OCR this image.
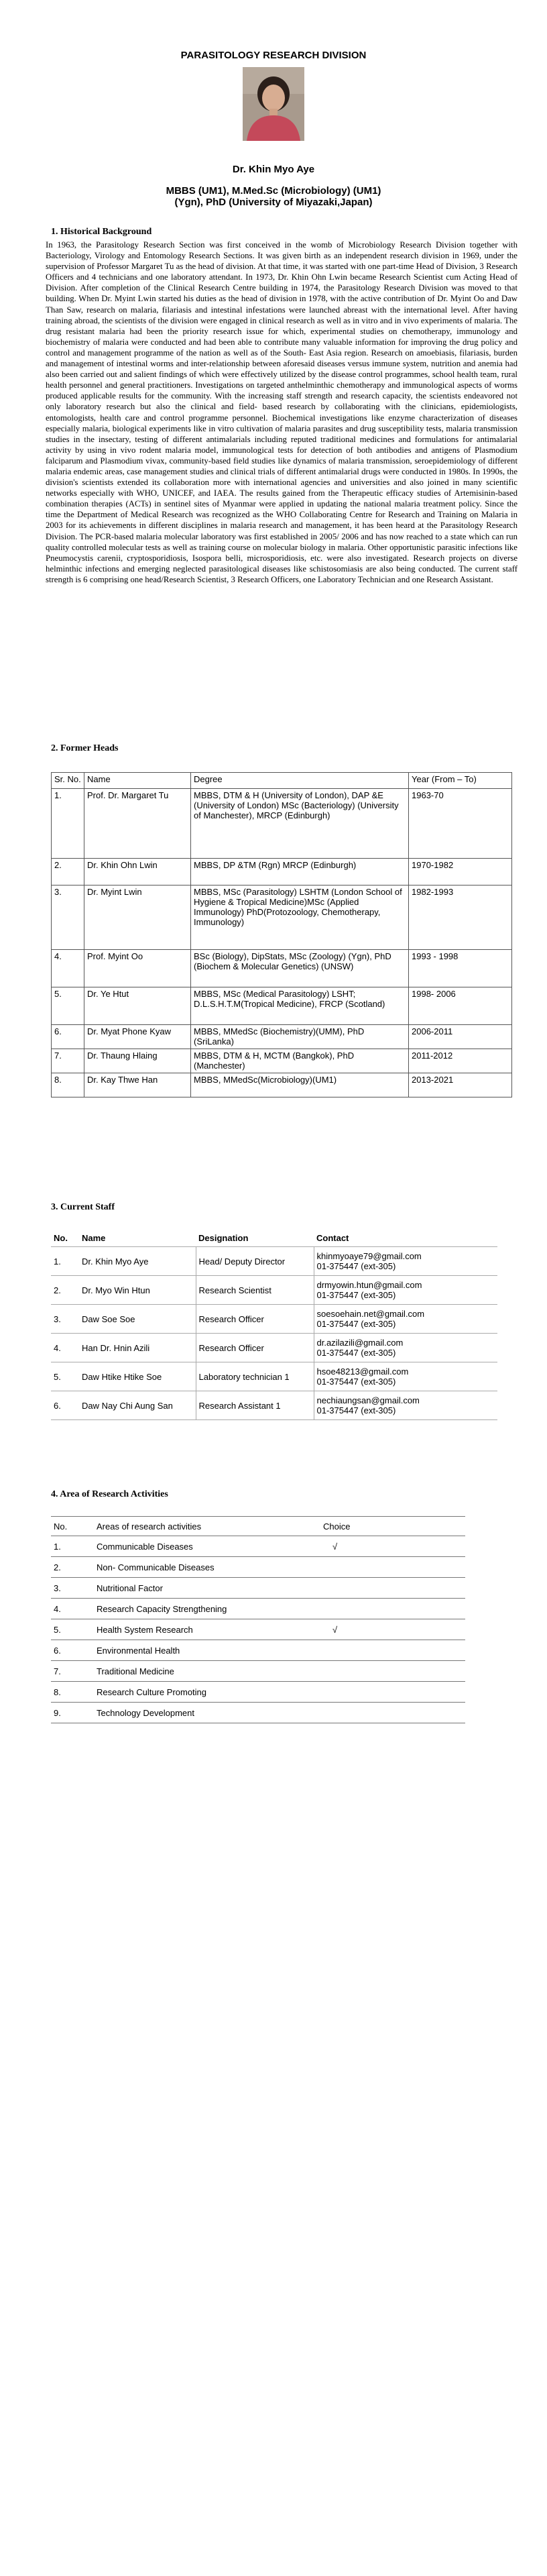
PARASITOLOGY RESEARCH DIVISION
Dr. Khin Myo Aye
MBBS (UM1), M.Med.Sc (Microbiology) (UM1)
(Ygn), PhD (University of Miyazaki,Japan)
1. Historical Background

In 1963, the Parasitology Research Section was first conceived in the womb of Microbiology Research Division together with Bacteriology, Virology and Entomology Research Sections. It was given birth as an independent research division in 1969, under the supervision of Professor Margaret Tu as the head of division. At that time, it was started with one part-time Head of Division, 3 Research Officers and 4 technicians and one laboratory attendant. In 1973, Dr. Khin Ohn Lwin became Research Scientist cum Acting Head of Division. After completion of the Clinical Research Centre building in 1974, the Parasitology Research Division was moved to that building. When Dr. Myint Lwin started his duties as the head of division in 1978, with the active contribution of Dr. Myint Oo and Daw Than Saw, research on malaria, filariasis and intestinal infestations were launched abreast with the international level. After having training abroad, the scientists of the division were engaged in clinical research as well as in vitro and in vivo experiments of malaria. The drug resistant malaria had been the priority research issue for which, experimental studies on chemotherapy, immunology and biochemistry of malaria were conducted and had been able to contribute many valuable information for improving the drug policy and control and management programme of the nation as well as of the South- East Asia region. Research on amoebiasis, filariasis, burden and management of intestinal worms and inter-relationship between aforesaid diseases versus immune system, nutrition and anemia had also been carried out and salient findings of which were effectively utilized by the disease control programmes, school health team, rural health personnel and general practitioners. Investigations on targeted anthelminthic chemotherapy and immunological aspects of worms produced applicable results for the community. With the increasing staff strength and research capacity, the scientists endeavored not only laboratory research but also the clinical and field- based research by collaborating with the clinicians, epidemiologists, entomologists, health care and control programme personnel. Biochemical investigations like enzyme characterization of diseases especially malaria, biological experiments like in vitro cultivation of malaria parasites and drug susceptibility tests, malaria transmission studies in the insectary, testing of different antimalarials including reputed traditional medicines and formulations for antimalarial activity by using in vivo rodent malaria model, immunological tests for detection of both antibodies and antigens of Plasmodium falciparum and Plasmodium vivax, community-based field studies like dynamics of malaria transmission, seroepidemiology of different malaria endemic areas, case management studies and clinical trials of different antimalarial drugs were conducted in 1980s. In 1990s, the division's scientists extended its collaboration more with international agencies and universities and also joined in many scientific networks especially with WHO, UNICEF, and IAEA. The results gained from the Therapeutic efficacy studies of Artemisinin-based combination therapies (ACTs) in sentinel sites of Myanmar were applied in updating the national malaria treatment policy. Since the time the Department of Medical Research was recognized as the WHO Collaborating Centre for Research and Training on Malaria in 2003 for its achievements in different disciplines in malaria research and management, it has been heard at the Parasitology Research Division. The PCR-based malaria molecular laboratory was first established in 2005/ 2006 and has now reached to a state which can run quality controlled molecular tests as well as training course on molecular biology in malaria. Other opportunistic parasitic infections like Pneumocystis carenii, cryptosporidiosis, Isospora belli, microsporidiosis, etc. were also investigated. Research projects on diverse helminthic infections and emerging neglected parasitological diseases like schistosomiasis are also being conducted. The current staff strength is 6 comprising one head/Research Scientist, 3 Research Officers, one Laboratory Technician and one Research Assistant.

2. Former Heads
Sr. No.	Name	Degree	Year (From – To)
1.	Prof. Dr. Margaret Tu	MBBS, DTM & H (University of London), DAP &E (University of London) MSc (Bacteriology) (University of Manchester), MRCP (Edinburgh)	1963-70
2.	Dr. Khin Ohn Lwin	MBBS, DP &TM (Rgn) MRCP (Edinburgh)	1970-1982
3.	Dr. Myint Lwin	MBBS, MSc (Parasitology) LSHTM (London School of Hygiene & Tropical Medicine)MSc (Applied Immunology) PhD(Protozoology, Chemotherapy, Immunology)	1982-1993
4.	Prof. Myint Oo	BSc (Biology), DipStats, MSc (Zoology) (Ygn), PhD (Biochem & Molecular Genetics) (UNSW)	1993 - 1998
5.	Dr. Ye Htut	MBBS, MSc (Medical Parasitology) LSHT; D.L.S.H.T.M(Tropical Medicine), FRCP (Scotland)	1998- 2006
6.	Dr. Myat Phone Kyaw	MBBS, MMedSc (Biochemistry)(UMM), PhD (SriLanka)	2006-2011
7.	Dr. Thaung Hlaing	MBBS, DTM & H, MCTM (Bangkok), PhD (Manchester)	2011-2012
8.	Dr. Kay Thwe Han	MBBS, MMedSc(Microbiology)(UM1)	2013-2021
3. Current Staff
No.	Name	Designation	Contact
1.	Dr. Khin Myo Aye	Head/ Deputy Director	khinmyoaye79@gmail.com
01-375447 (ext-305)

2.	Dr. Myo Win Htun	Research Scientist	drmyowin.htun@gmail.com
01-375447 (ext-305)

3.	Daw Soe Soe	Research Officer	soesoehain.net@gmail.com
01-375447 (ext-305)

4.	Han Dr. Hnin Azili	Research Officer	dr.azilazili@gmail.com
01-375447 (ext-305)

5.	Daw Htike Htike Soe	Laboratory technician 1	hsoe48213@gmail.com
01-375447 (ext-305)

6.	Daw Nay Chi Aung San	Research Assistant 1	nechiaungsan@gmail.com
01-375447 (ext-305)
4. Area of Research Activities
No.	Areas of research activities	Choice
1.	Communicable Diseases	√
2.	Non- Communicable Diseases	
3.	Nutritional Factor	
4.	Research Capacity Strengthening	
5.	Health System Research	√
6.	Environmental Health	
7.	Traditional Medicine	
8.	Research Culture Promoting	
9.	Technology Development	
